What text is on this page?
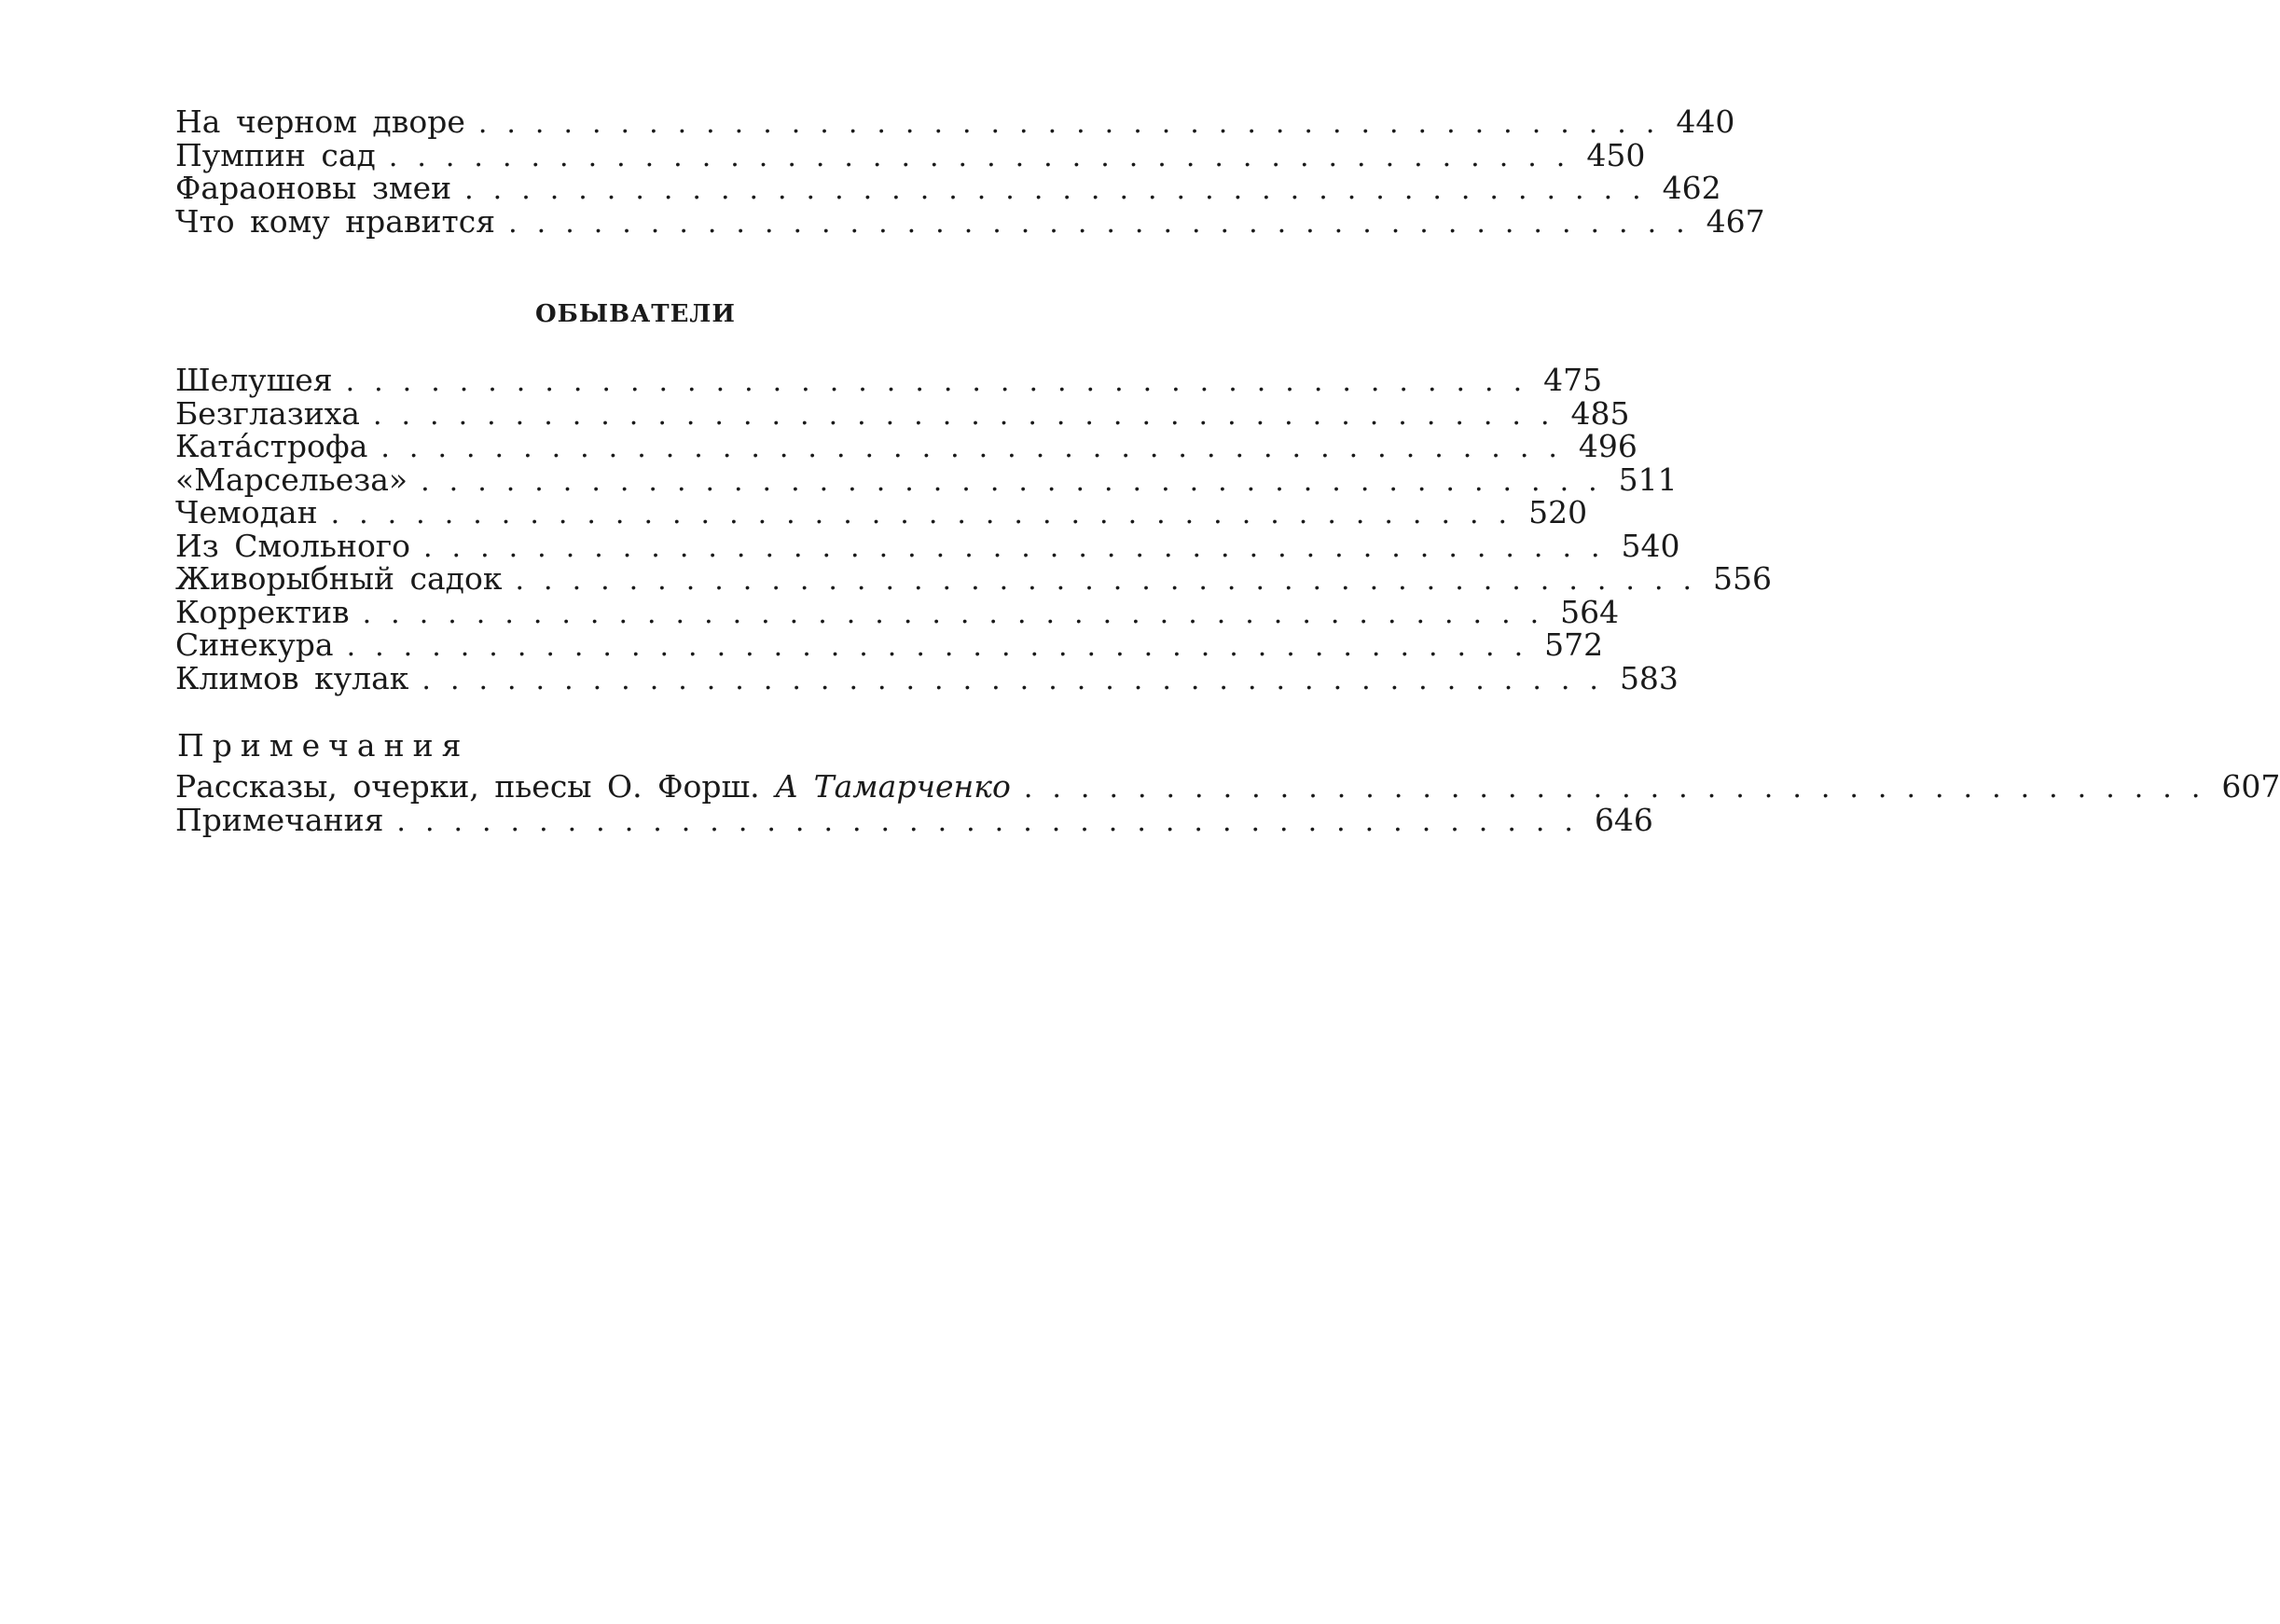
На черном дворе .......................................... 440
Пумпин сад .......................................... 450
Фараоновы змеи .......................................... 462
Что кому нравится .......................................... 467
ОБЫВАТЕЛИ
Шелушея .......................................... 475
Безглазиха .......................................... 485
Ката́строфа .......................................... 496
«Марсельеза» .......................................... 511
Чемодан .......................................... 520
Из Смольного .......................................... 540
Живорыбный садок .......................................... 556
Корректив .......................................... 564
Синекура .......................................... 572
Климов кулак .......................................... 583
Примечания
Рассказы, очерки, пьесы О. Форш. А Тамарченко .......................................... 607
Примечания .......................................... 646
